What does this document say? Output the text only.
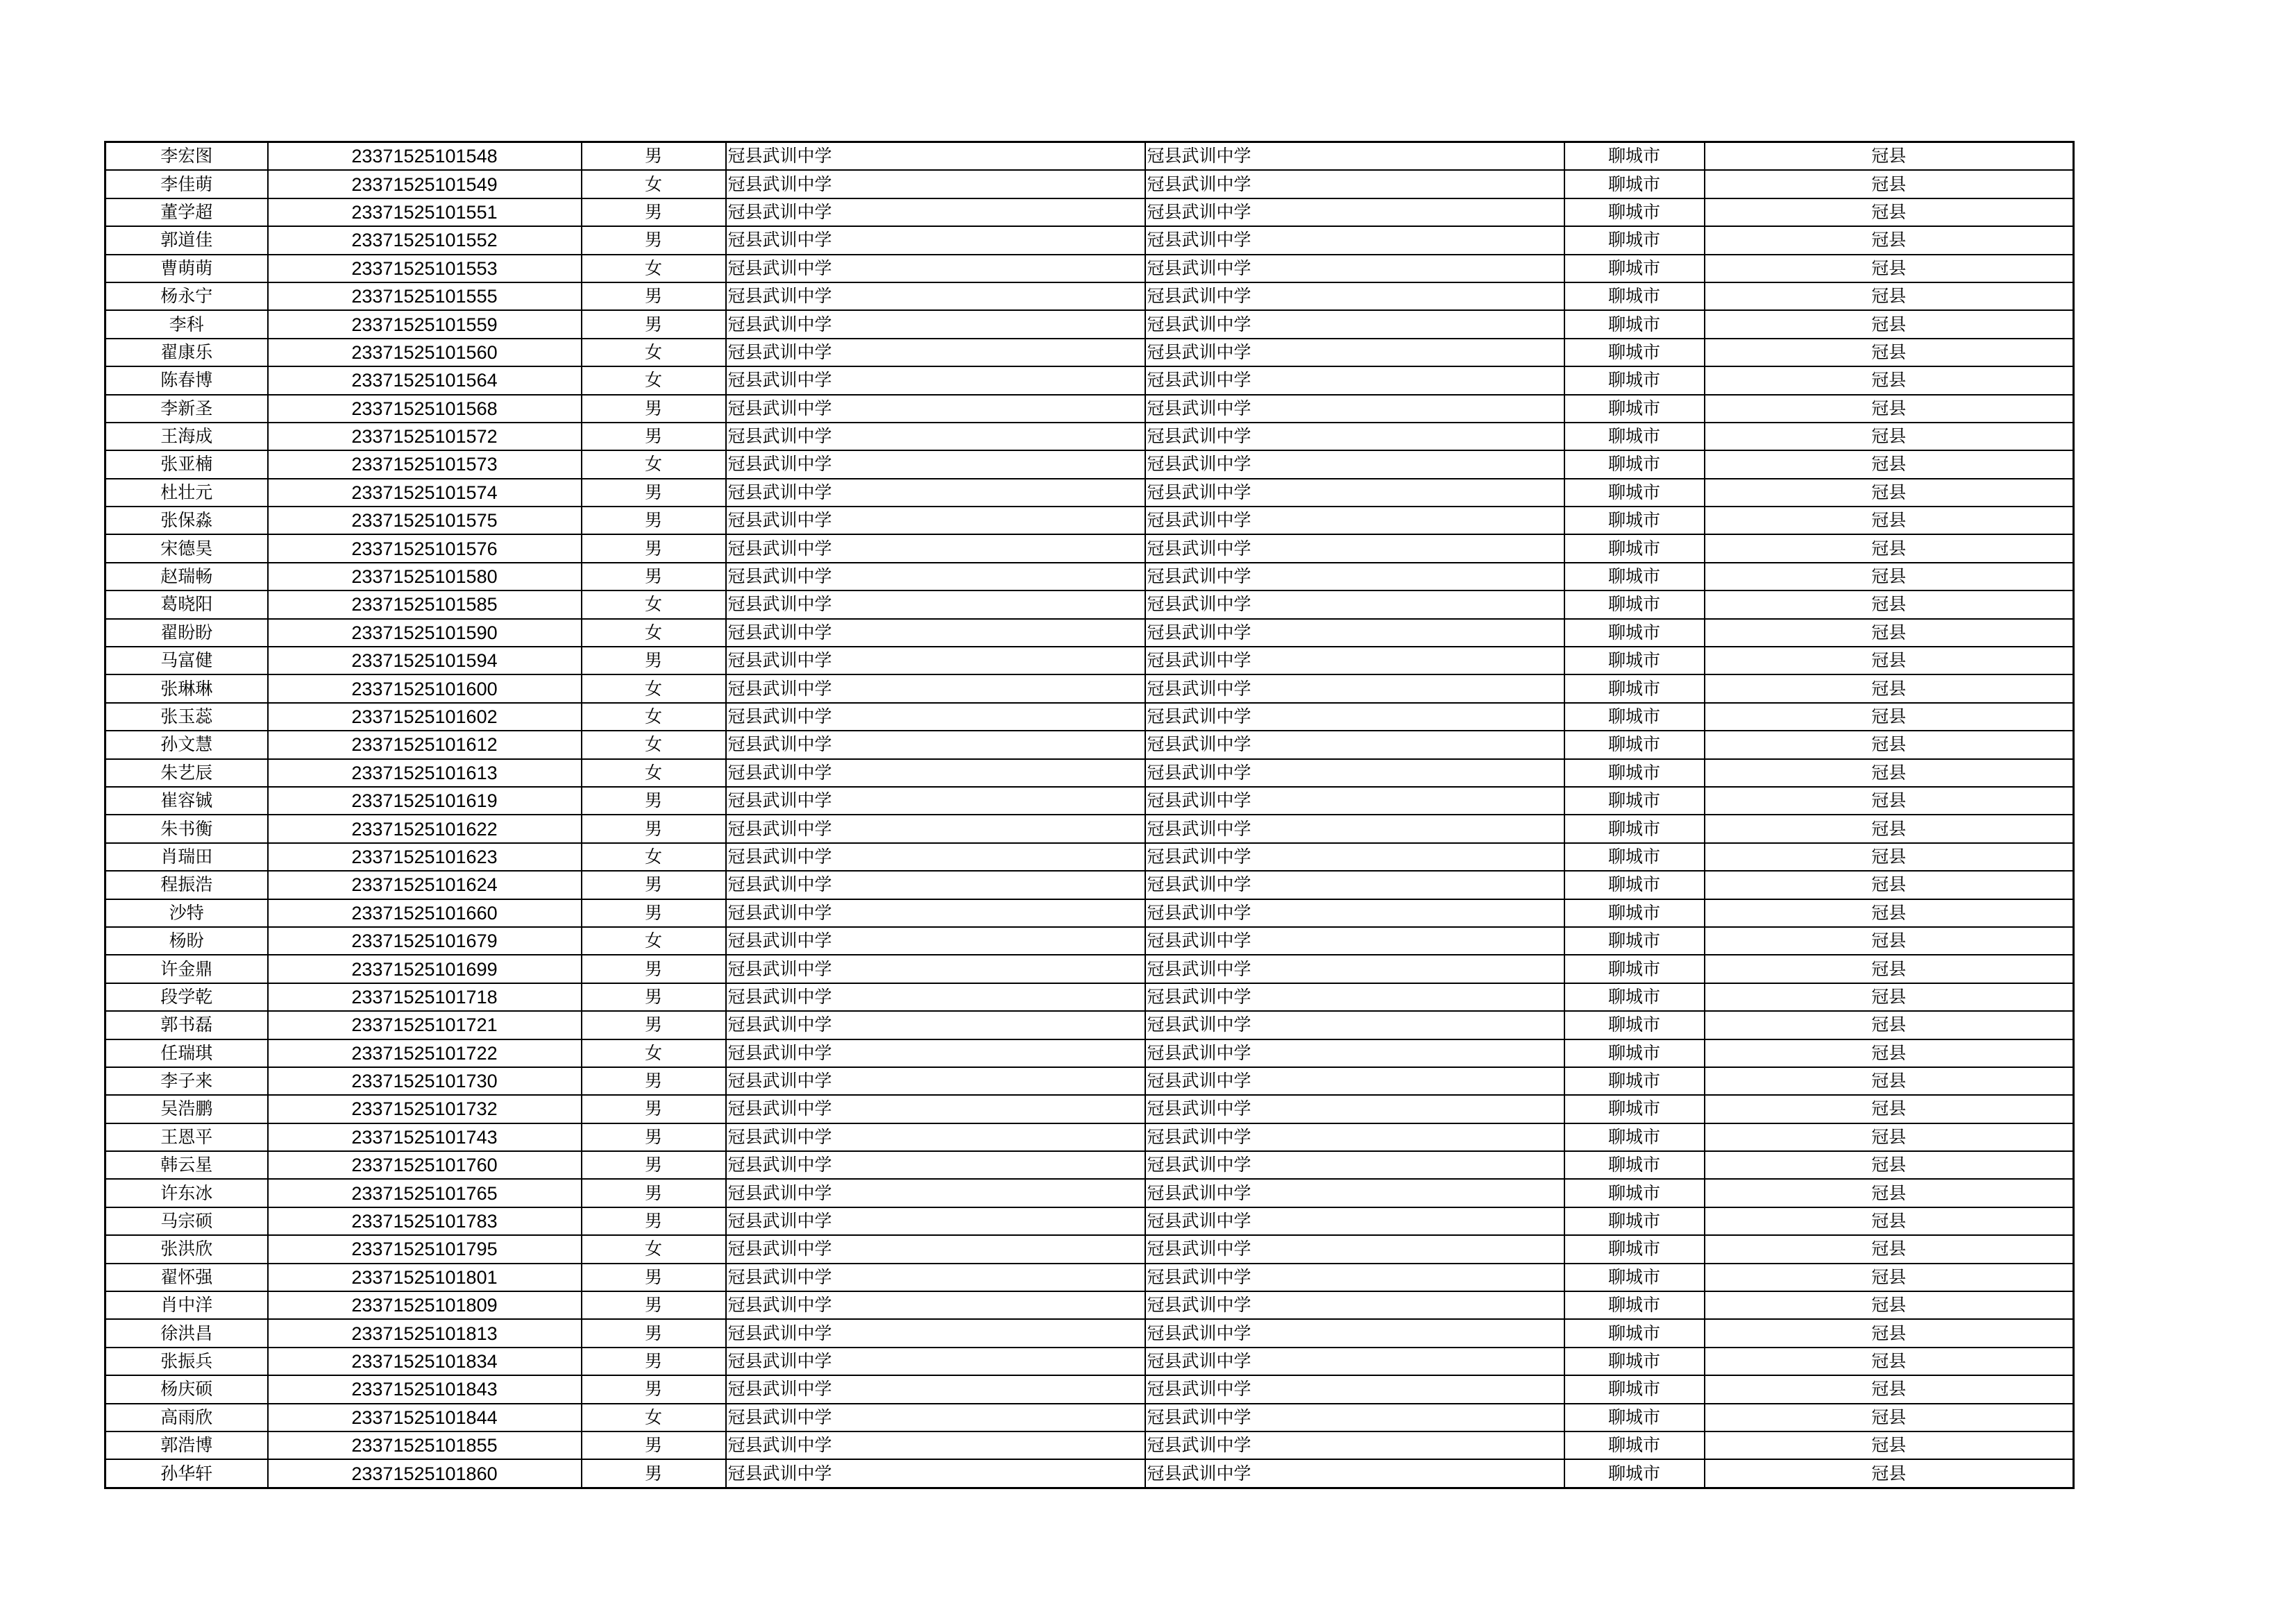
李宏图	23371525101548	男	冠县武训中学	冠县武训中学	聊城市	冠县
李佳萌	23371525101549	女	冠县武训中学	冠县武训中学	聊城市	冠县
董学超	23371525101551	男	冠县武训中学	冠县武训中学	聊城市	冠县
郭道佳	23371525101552	男	冠县武训中学	冠县武训中学	聊城市	冠县
曹萌萌	23371525101553	女	冠县武训中学	冠县武训中学	聊城市	冠县
杨永宁	23371525101555	男	冠县武训中学	冠县武训中学	聊城市	冠县
李科	23371525101559	男	冠县武训中学	冠县武训中学	聊城市	冠县
翟康乐	23371525101560	女	冠县武训中学	冠县武训中学	聊城市	冠县
陈春博	23371525101564	女	冠县武训中学	冠县武训中学	聊城市	冠县
李新圣	23371525101568	男	冠县武训中学	冠县武训中学	聊城市	冠县
王海成	23371525101572	男	冠县武训中学	冠县武训中学	聊城市	冠县
张亚楠	23371525101573	女	冠县武训中学	冠县武训中学	聊城市	冠县
杜壮元	23371525101574	男	冠县武训中学	冠县武训中学	聊城市	冠县
张保淼	23371525101575	男	冠县武训中学	冠县武训中学	聊城市	冠县
宋德昊	23371525101576	男	冠县武训中学	冠县武训中学	聊城市	冠县
赵瑞畅	23371525101580	男	冠县武训中学	冠县武训中学	聊城市	冠县
葛晓阳	23371525101585	女	冠县武训中学	冠县武训中学	聊城市	冠县
翟盼盼	23371525101590	女	冠县武训中学	冠县武训中学	聊城市	冠县
马富健	23371525101594	男	冠县武训中学	冠县武训中学	聊城市	冠县
张琳琳	23371525101600	女	冠县武训中学	冠县武训中学	聊城市	冠县
张玉蕊	23371525101602	女	冠县武训中学	冠县武训中学	聊城市	冠县
孙文慧	23371525101612	女	冠县武训中学	冠县武训中学	聊城市	冠县
朱艺辰	23371525101613	女	冠县武训中学	冠县武训中学	聊城市	冠县
崔容铖	23371525101619	男	冠县武训中学	冠县武训中学	聊城市	冠县
朱书衡	23371525101622	男	冠县武训中学	冠县武训中学	聊城市	冠县
肖瑞田	23371525101623	女	冠县武训中学	冠县武训中学	聊城市	冠县
程振浩	23371525101624	男	冠县武训中学	冠县武训中学	聊城市	冠县
沙特	23371525101660	男	冠县武训中学	冠县武训中学	聊城市	冠县
杨盼	23371525101679	女	冠县武训中学	冠县武训中学	聊城市	冠县
许金鼎	23371525101699	男	冠县武训中学	冠县武训中学	聊城市	冠县
段学乾	23371525101718	男	冠县武训中学	冠县武训中学	聊城市	冠县
郭书磊	23371525101721	男	冠县武训中学	冠县武训中学	聊城市	冠县
任瑞琪	23371525101722	女	冠县武训中学	冠县武训中学	聊城市	冠县
李子来	23371525101730	男	冠县武训中学	冠县武训中学	聊城市	冠县
吴浩鹏	23371525101732	男	冠县武训中学	冠县武训中学	聊城市	冠县
王恩平	23371525101743	男	冠县武训中学	冠县武训中学	聊城市	冠县
韩云星	23371525101760	男	冠县武训中学	冠县武训中学	聊城市	冠县
许东冰	23371525101765	男	冠县武训中学	冠县武训中学	聊城市	冠县
马宗硕	23371525101783	男	冠县武训中学	冠县武训中学	聊城市	冠县
张洪欣	23371525101795	女	冠县武训中学	冠县武训中学	聊城市	冠县
翟怀强	23371525101801	男	冠县武训中学	冠县武训中学	聊城市	冠县
肖中洋	23371525101809	男	冠县武训中学	冠县武训中学	聊城市	冠县
徐洪昌	23371525101813	男	冠县武训中学	冠县武训中学	聊城市	冠县
张振兵	23371525101834	男	冠县武训中学	冠县武训中学	聊城市	冠县
杨庆硕	23371525101843	男	冠县武训中学	冠县武训中学	聊城市	冠县
高雨欣	23371525101844	女	冠县武训中学	冠县武训中学	聊城市	冠县
郭浩博	23371525101855	男	冠县武训中学	冠县武训中学	聊城市	冠县
孙华轩	23371525101860	男	冠县武训中学	冠县武训中学	聊城市	冠县
